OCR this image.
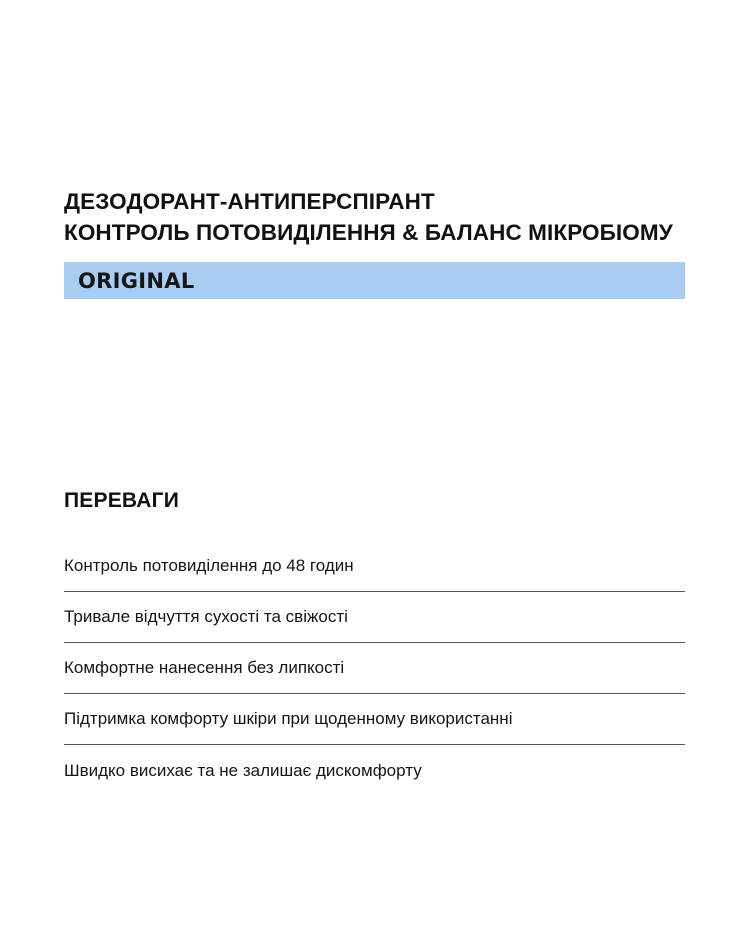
ДЕЗОДОРАНТ-АНТИПЕРСПІРАНТ
КОНТРОЛЬ ПОТОВИДІЛЕННЯ & БАЛАНС МІКРОБІОМУ
ORIGINAL
ПЕРЕВАГИ
Контроль потовиділення до 48 годин
Тривале відчуття сухості та свіжості
Комфортне нанесення без липкості
Підтримка комфорту шкіри при щоденному використанні
Швидко висихає та не залишає дискомфорту
